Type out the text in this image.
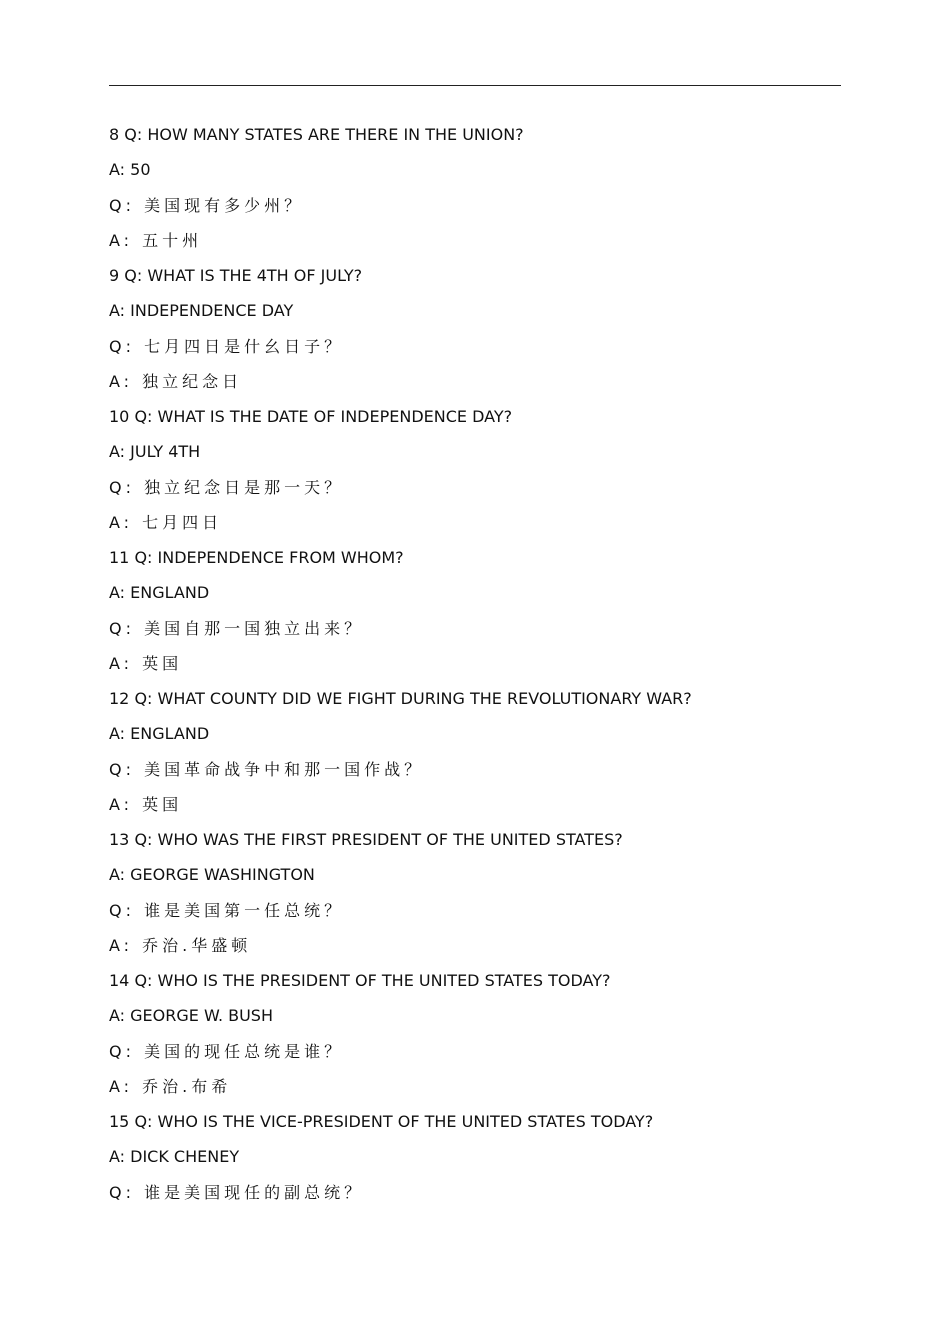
8 Q: HOW MANY STATES ARE THERE IN THE UNION?
A: 50
Q: 美国现有多少州？
A: 五十州
9 Q: WHAT IS THE 4TH OF JULY?
A: INDEPENDENCE DAY
Q: 七月四日是什幺日子？
A: 独立纪念日
10 Q: WHAT IS THE DATE OF INDEPENDENCE DAY?
A: JULY 4TH
Q: 独立纪念日是那一天？
A: 七月四日
11 Q: INDEPENDENCE FROM WHOM?
A: ENGLAND
Q: 美国自那一国独立出来？
A: 英国
12 Q: WHAT COUNTY DID WE FIGHT DURING THE REVOLUTIONARY WAR?
A: ENGLAND
Q: 美国革命战争中和那一国作战？
A: 英国
13 Q: WHO WAS THE FIRST PRESIDENT OF THE UNITED STATES?
A: GEORGE WASHINGTON
Q: 谁是美国第一任总统？
A: 乔治.华盛顿
14 Q: WHO IS THE PRESIDENT OF THE UNITED STATES TODAY?
A: GEORGE W. BUSH
Q: 美国的现任总统是谁？
A: 乔治.布希
15 Q: WHO IS THE VICE-PRESIDENT OF THE UNITED STATES TODAY?
A: DICK CHENEY
Q: 谁是美国现任的副总统？
